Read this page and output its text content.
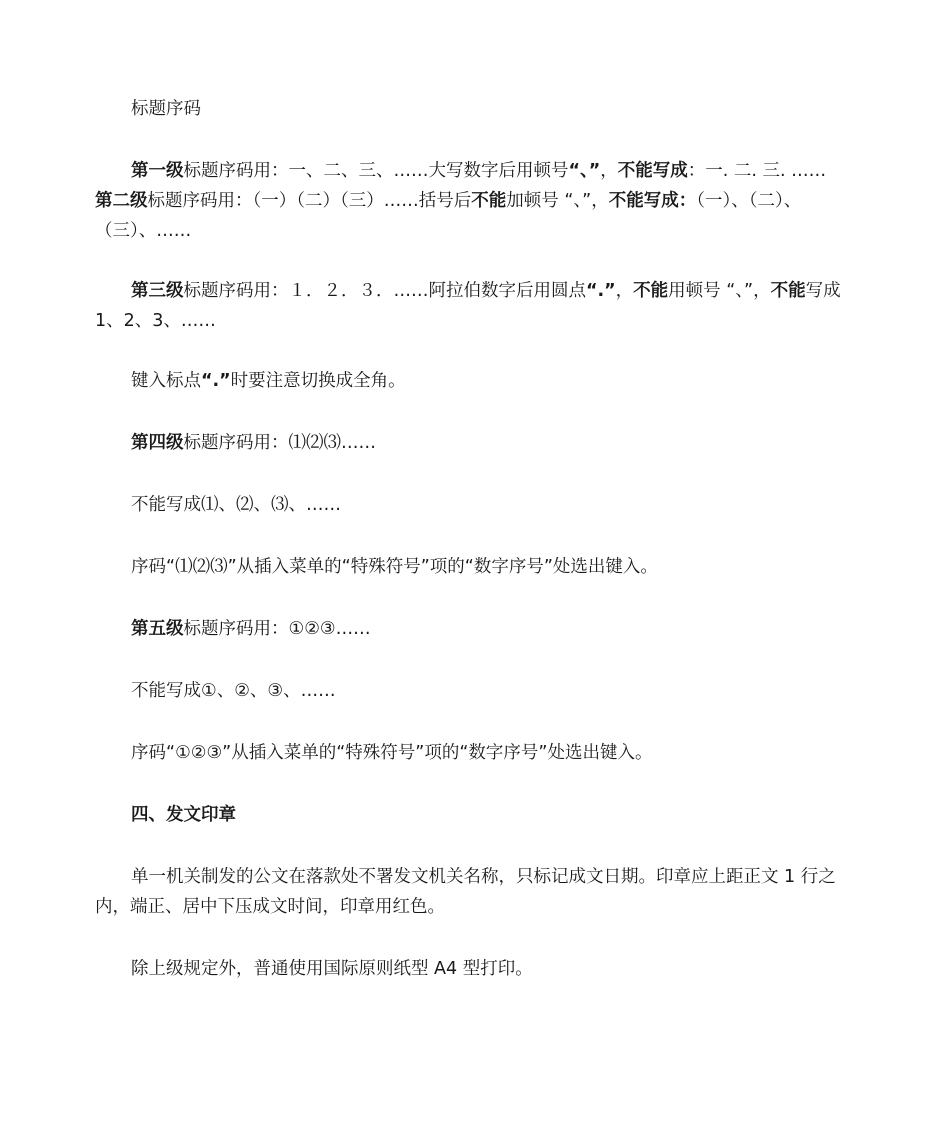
标题序码

第一级标题序码用：一、二、三、……大写数字后用顿号“、”，不能写成：一. 二. 三. ……

第二级标题序码用：（一）（二）（三）……括号后不能加顿号 “、”，不能写成：（一）、（二）、（三）、……

第三级标题序码用：１．２．３．……阿拉伯数字后用圆点“.”，不能用顿号 “、”，不能写成 1、2、3、……

键入标点“.”时要注意切换成全角。

第四级标题序码用：⑴⑵⑶……

不能写成⑴、⑵、⑶、……

序码“⑴⑵⑶”从插入菜单的“特殊符号”项的“数字序号”处选出键入。

第五级标题序码用：①②③……

不能写成①、②、③、……

序码“①②③”从插入菜单的“特殊符号”项的“数字序号”处选出键入。

四、发文印章

单一机关制发的公文在落款处不署发文机关名称，只标记成文日期。印章应上距正文 1 行之内，端正、居中下压成文时间，印章用红色。

除上级规定外，普通使用国际原则纸型 A4 型打印。
